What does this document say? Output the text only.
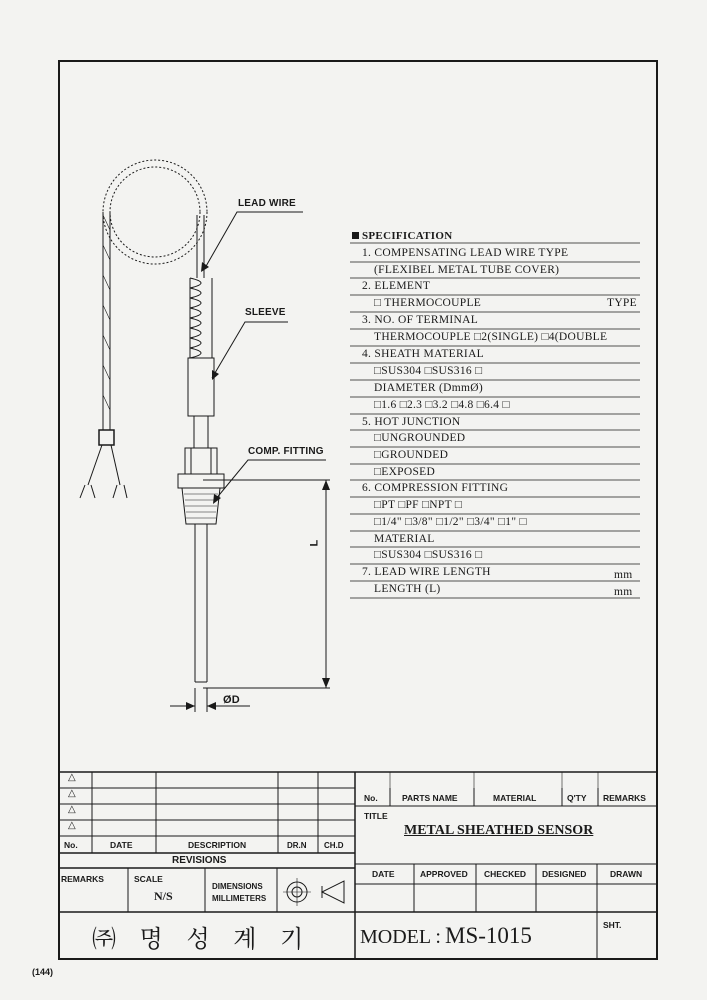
LEAD WIRE
SLEEVE
COMP. FITTING
L
ØD
SPECIFICATION
1. COMPENSATING LEAD WIRE TYPE
(FLEXIBEL METAL TUBE COVER)
2. ELEMENT
□ THERMOCOUPLE	TYPE
3. NO. OF TERMINAL
THERMOCOUPLE □2(SINGLE) □4(DOUBLE
4. SHEATH MATERIAL
□SUS304 □SUS316 □
DIAMETER (DmmØ)
□1.6 □2.3 □3.2 □4.8 □6.4 □
5. HOT JUNCTION
□UNGROUNDED
□GROUNDED
□EXPOSED
6. COMPRESSION FITTING
□PT □PF □NPT □
□1/4" □3/8" □1/2" □3/4" □1" □
MATERIAL
□SUS304 □SUS316 □
7. LEAD WIRE LENGTH	mm
LENGTH (L)	mm
△
△
△
△
No.	DATE	DESCRIPTION	DR.N CH.D
REVISIONS
No.	PARTS NAME	MATERIAL	Q'TY REMARKS
TITLE
METAL SHEATHED SENSOR
REMARKS	SCALE
N/S
DIMENSIONS
MILLIMETERS
DATE	APPROVED CHECKED DESIGNED	DRAWN
SHT.
㈜ 명 성 계 기 MODEL : MS-1015
(144)
